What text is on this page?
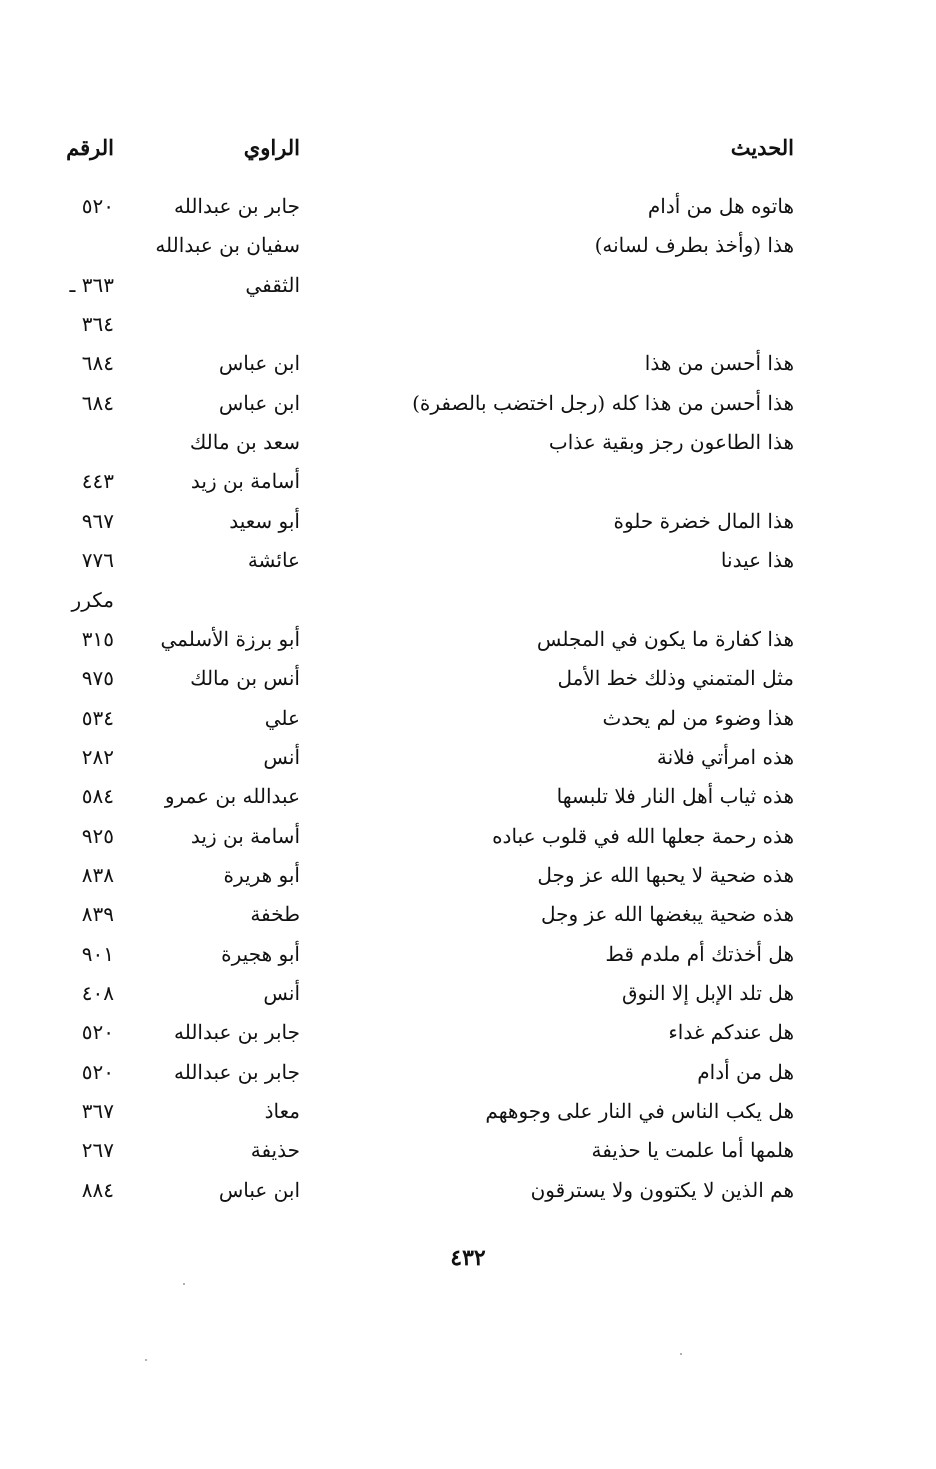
الحديث
الراوي
الرقم
هاتوه هل من أدام
جابر بن عبدالله
٥٢٠
هذا (وأخذ بطرف لسانه)
سفيان بن عبدالله
الثقفي
٣٦٣ ـ
٣٦٤
هذا أحسن من هذا
ابن عباس
٦٨٤
هذا أحسن من هذا كله (رجل اختضب بالصفرة)
ابن عباس
٦٨٤
هذا الطاعون رجز وبقية عذاب
سعد بن مالك
أسامة بن زيد
٤٤٣
هذا المال خضرة حلوة
أبو سعيد
٩٦٧
هذا عيدنا
عائشة
٧٧٦
مكرر
هذا كفارة ما يكون في المجلس
أبو برزة الأسلمي
٣١٥
مثل المتمني وذلك خط الأمل
أنس بن مالك
٩٧٥
هذا وضوء من لم يحدث
علي
٥٣٤
هذه امرأتي فلانة
أنس
٢٨٢
هذه ثياب أهل النار فلا تلبسها
عبدالله بن عمرو
٥٨٤
هذه رحمة جعلها الله في قلوب عباده
أسامة بن زيد
٩٢٥
هذه ضحية لا يحبها الله عز وجل
أبو هريرة
٨٣٨
هذه ضحية يبغضها الله عز وجل
طخفة
٨٣٩
هل أخذتك أم ملدم قط
أبو هجيرة
٩٠١
هل تلد الإبل إلا النوق
أنس
٤٠٨
هل عندكم غداء
جابر بن عبدالله
٥٢٠
هل من أدام
جابر بن عبدالله
٥٢٠
هل يكب الناس في النار على وجوههم
معاذ
٣٦٧
هلمها أما علمت يا حذيفة
حذيفة
٢٦٧
هم الذين لا يكتوون ولا يسترقون
ابن عباس
٨٨٤
٤٣٢
